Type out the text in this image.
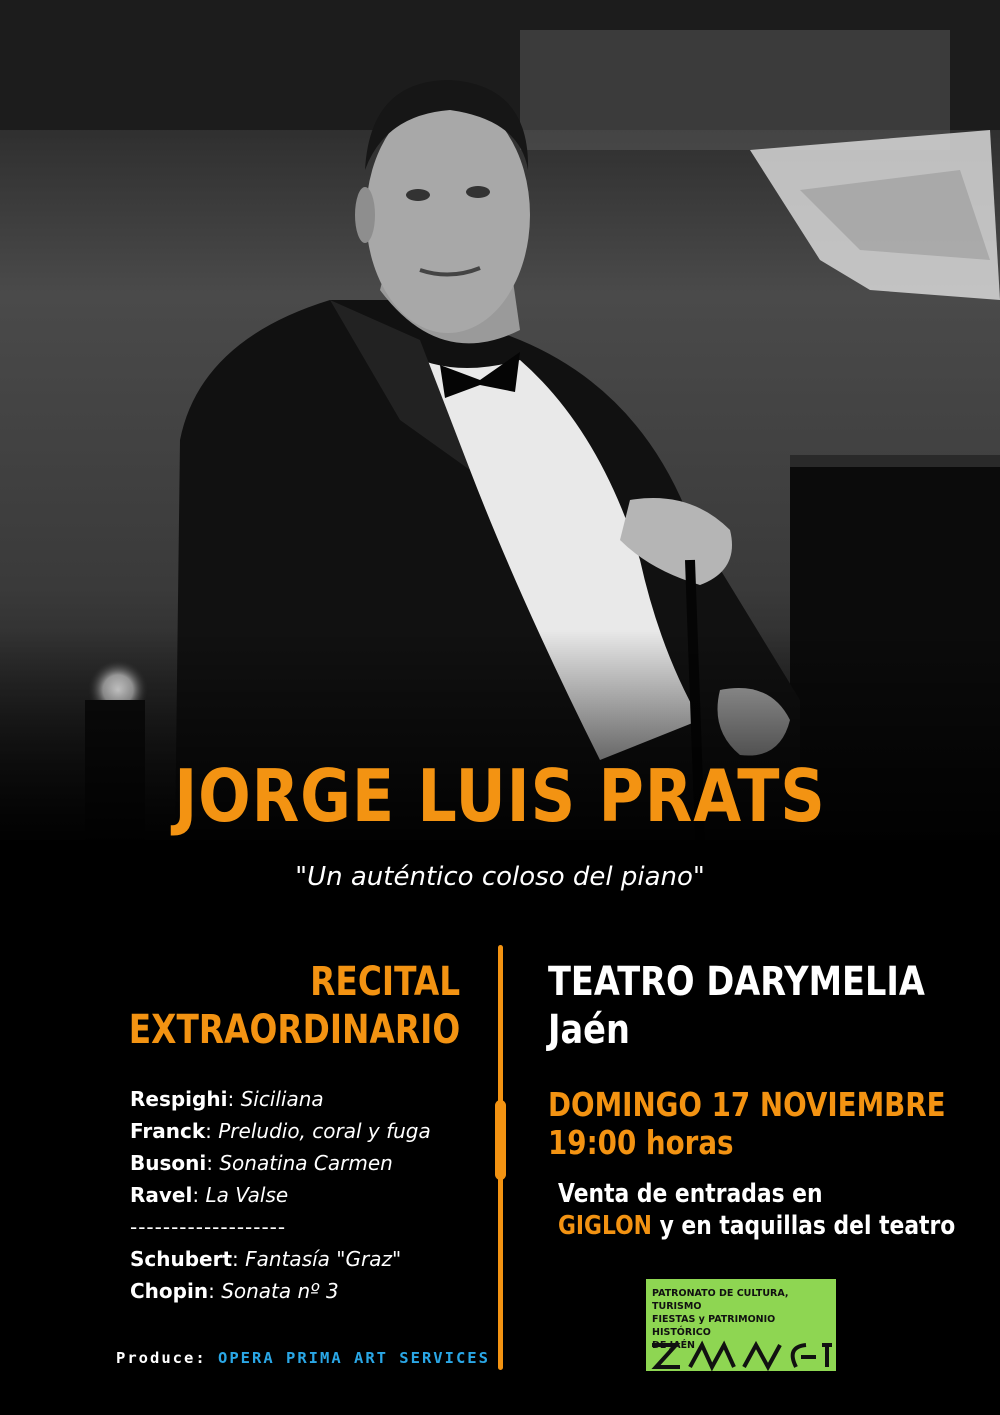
JORGE LUIS PRATS

"Un auténtico coloso del piano"

RECITAL
EXTRAORDINARIO
Respighi: Siciliana
Franck: Preludio, coral y fuga
Busoni: Sonatina Carmen
Ravel: La Valse
-------------------
Schubert: Fantasía "Graz"
Chopin: Sonata nº 3
TEATRO DARYMELIA
Jaén

DOMINGO 17 NOVIEMBRE
19:00 horas

Venta de entradas en
GIGLON y en taquillas del teatro

PATRONATO DE CULTURA, TURISMO
FIESTAS y PATRIMONIO HISTÓRICO
DE JAÉN

Produce: OPERA PRIMA ART SERVICES
